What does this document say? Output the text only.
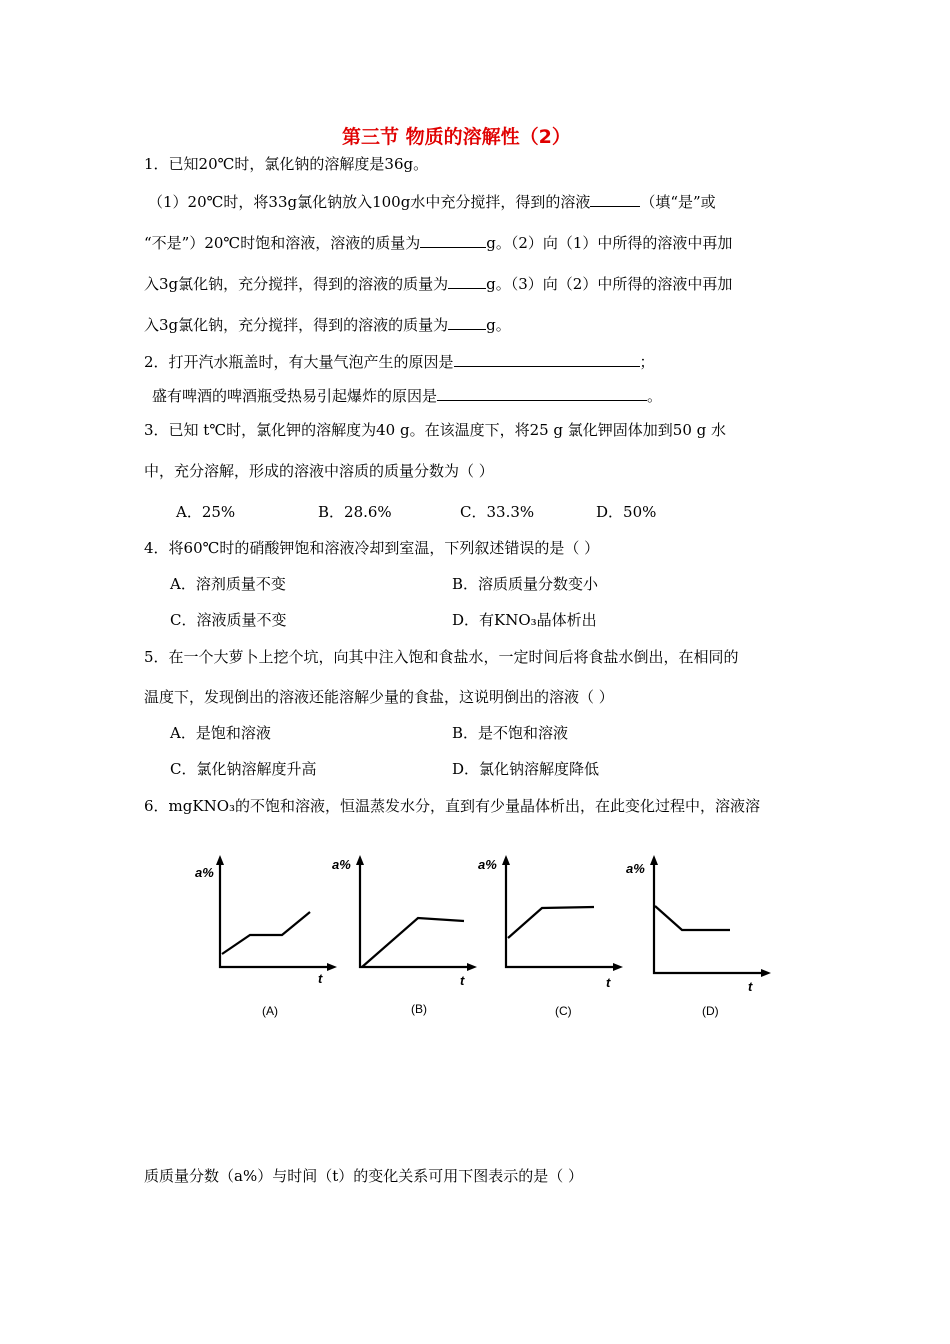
第三节 物质的溶解性（2）
1．已知20℃时，氯化钠的溶解度是36g。
（1）20℃时，将33g氯化钠放入100g水中充分搅拌，得到的溶液	（填“是”或
“不是”）20℃时饱和溶液，溶液的质量为	g。（2）向（1）中所得的溶液中再加
入3g氯化钠，充分搅拌，得到的溶液的质量为	g。（3）向（2）中所得的溶液中再加
入3g氯化钠，充分搅拌，得到的溶液的质量为	g。
2．打开汽水瓶盖时，有大量气泡产生的原因是	；
盛有啤酒的啤酒瓶受热易引起爆炸的原因是	。
3．已知 t℃时，氯化钾的溶解度为40 g。在该温度下，将25 g 氯化钾固体加到50 g 水
中，充分溶解，形成的溶液中溶质的质量分数为（ ）
A．25%	B．28.6%	C．33.3%	D．50%
4．将60℃时的硝酸钾饱和溶液冷却到室温，下列叙述错误的是（ ）
A．溶剂质量不变	B．溶质质量分数变小
C．溶液质量不变	D．有KNO₃晶体析出
5．在一个大萝卜上挖个坑，向其中注入饱和食盐水，一定时间后将食盐水倒出，在相同的
温度下，发现倒出的溶液还能溶解少量的食盐，这说明倒出的溶液（ ）
A．是饱和溶液	B．是不饱和溶液
C．氯化钠溶解度升高	D．氯化钠溶解度降低
6．mgKNO₃的不饱和溶液，恒温蒸发水分，直到有少量晶体析出，在此变化过程中，溶液溶
a%
t
(A)
a%
t
(B)
a%
t
(C)
a%
t
(D)
质质量分数（a%）与时间（t）的变化关系可用下图表示的是（ ）
